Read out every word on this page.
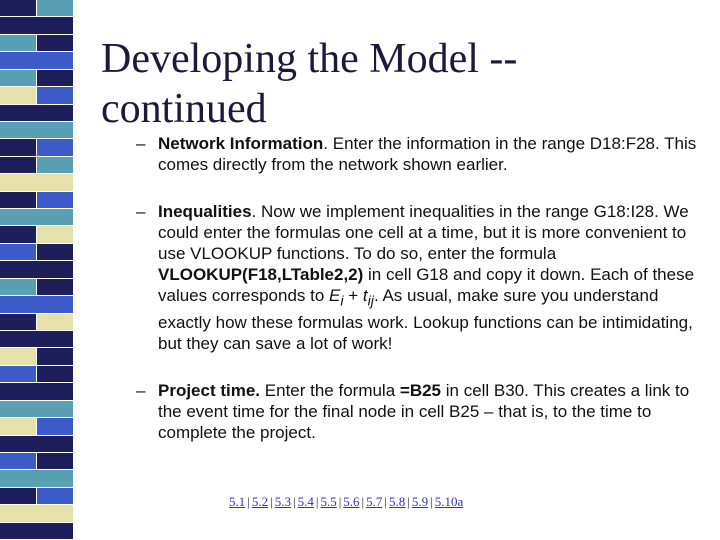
Developing the Model --
continued
– Network Information. Enter the information in the range D18:F28. This comes directly from the network shown earlier.
– Inequalities. Now we implement inequalities in the range G18:I28. We could enter the formulas one cell at a time, but it is more convenient to use VLOOKUP functions. To do so, enter the formula VLOOKUP(F18,LTable2,2) in cell G18 and copy it down. Each of these values corresponds to $E_i + t_{ij}$. As usual, make sure you understand exactly how these formulas work. Lookup functions can be intimidating, but they can save a lot of work!
– Project time. Enter the formula =B25 in cell B30. This creates a link to the event time for the final node in cell B25 – that is, to the time to complete the project.
5.1 | 5.2 | 5.3 | 5.4 | 5.5 | 5.6 | 5.7 | 5.8 | 5.9 | 5.10a
